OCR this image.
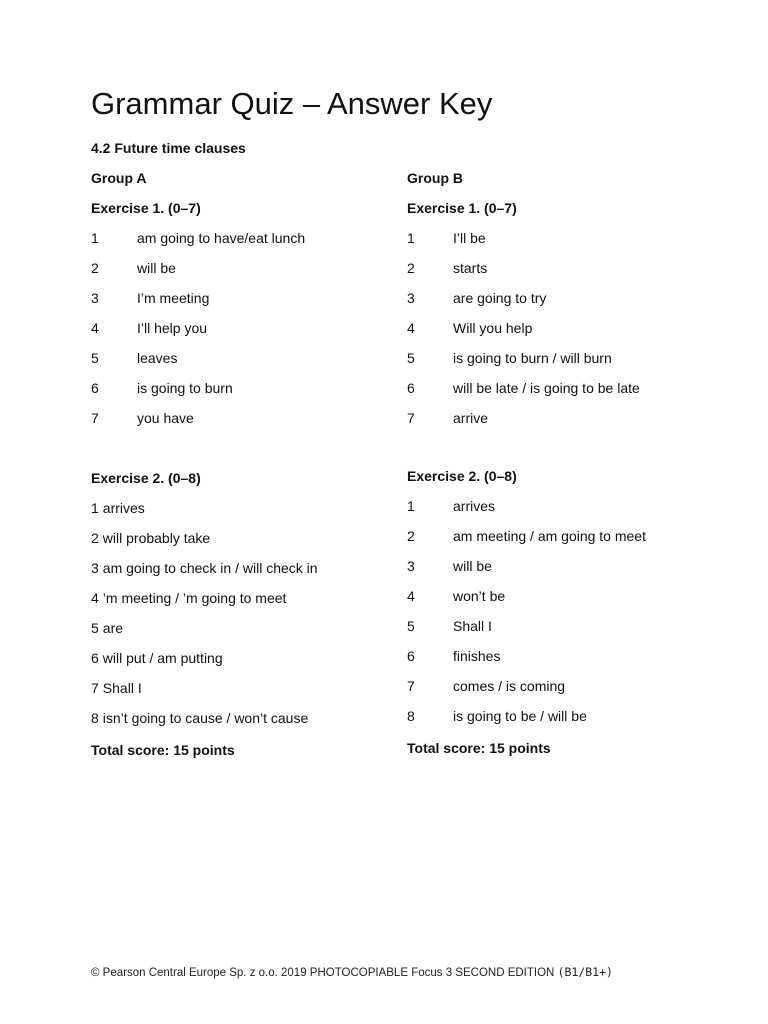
Grammar Quiz – Answer Key
4.2 Future time clauses
Group A
Exercise 1. (0–7)
1	am going to have/eat lunch
2	will be
3	I’m meeting
4	I’ll help you
5	leaves
6	is going to burn
7	you have
Exercise 2. (0–8)
1 arrives
2 will probably take
3 am going to check in / will check in
4 ’m meeting / ’m going to meet
5 are
6 will put / am putting
7 Shall I
8 isn’t going to cause / won’t cause
Total score: 15 points
Group B
Exercise 1. (0–7)
1	I’ll be
2	starts
3	are going to try
4	Will you help
5	is going to burn / will burn
6	will be late / is going to be late
7	arrive
Exercise 2. (0–8)
1	arrives
2	am meeting / am going to meet
3	will be
4	won’t be
5	Shall I
6	finishes
7	comes / is coming
8	is going to be / will be
Total score: 15 points
© Pearson Central Europe Sp. z o.o. 2019 PHOTOCOPIABLE Focus 3 SECOND EDITION (B1/B1+)
